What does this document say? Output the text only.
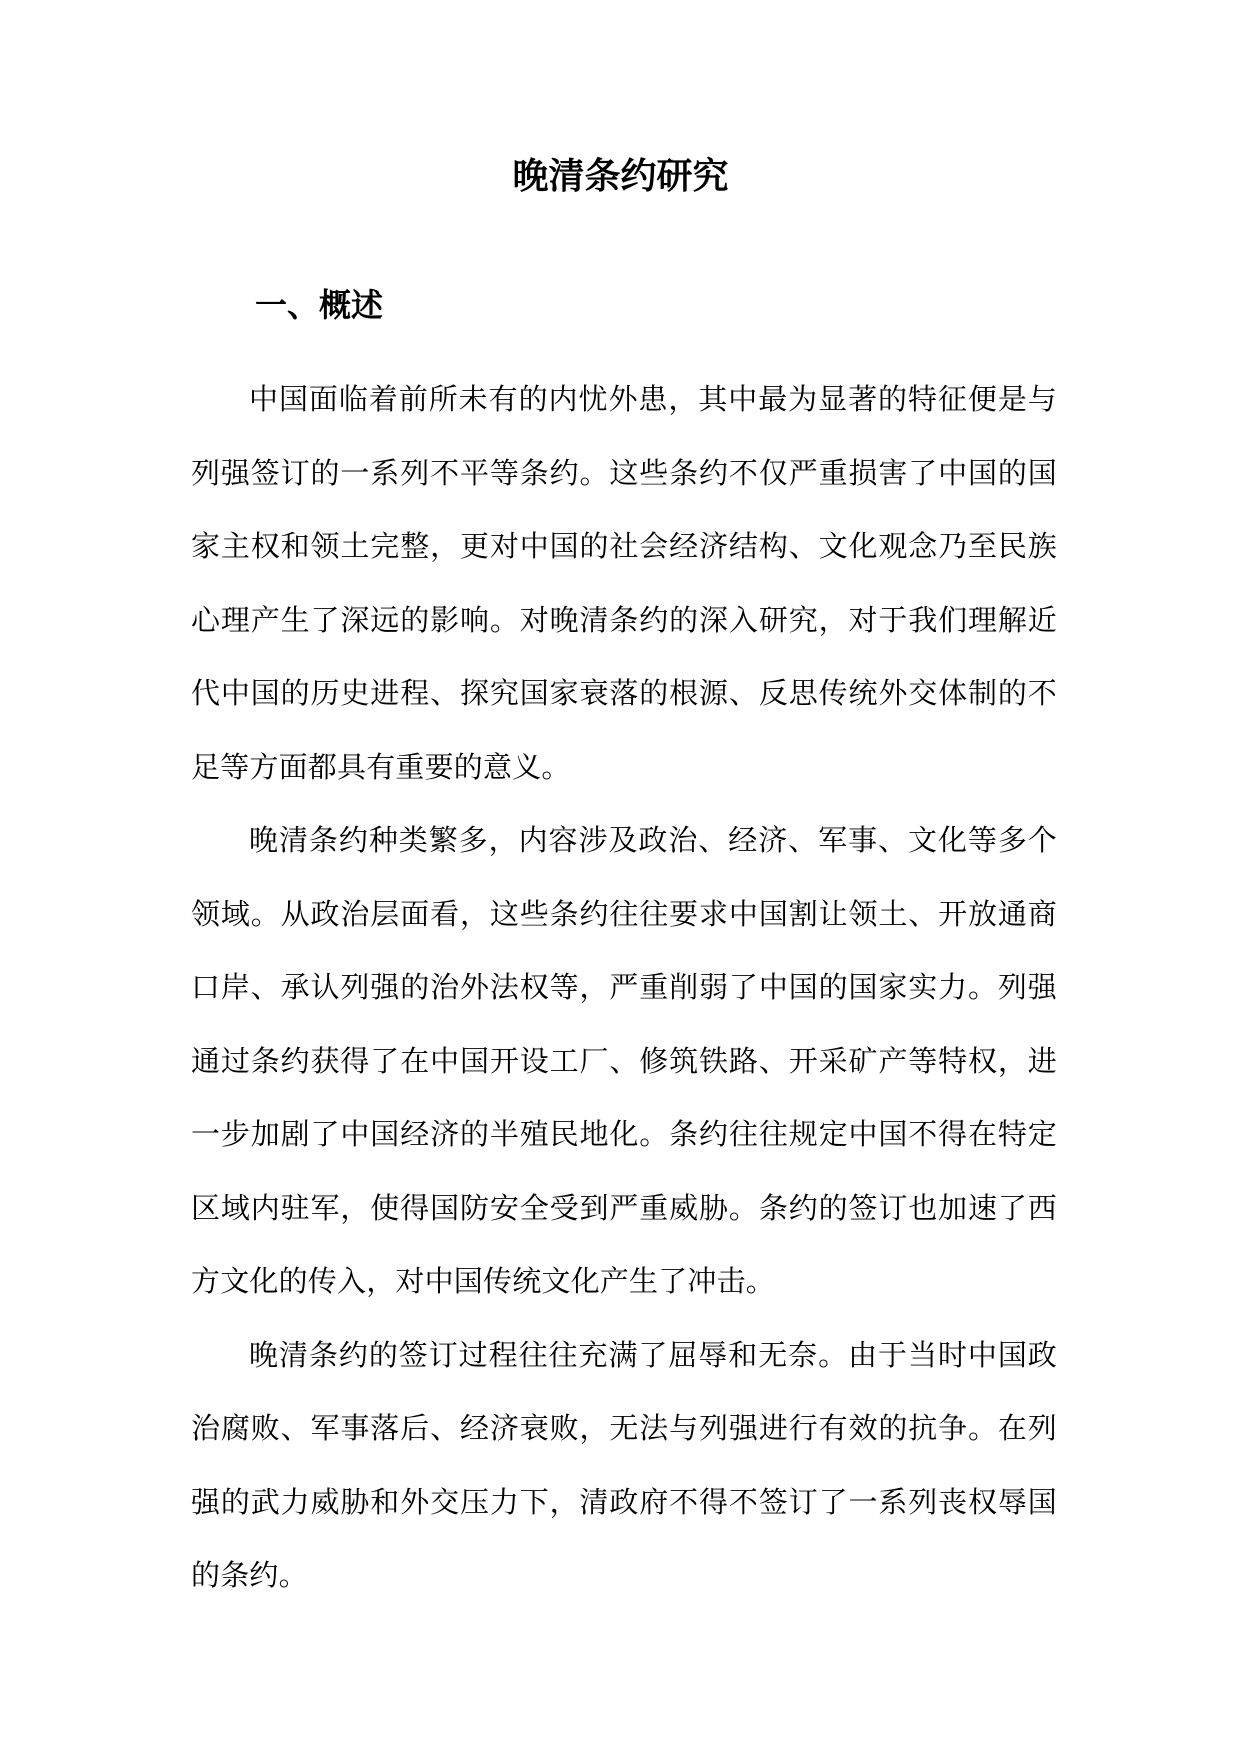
晚清条约研究
一、概述

中国面临着前所未有的内忧外患，其中最为显著的特征便是与列强签订的一系列不平等条约。这些条约不仅严重损害了中国的国家主权和领土完整，更对中国的社会经济结构、文化观念乃至民族心理产生了深远的影响。对晚清条约的深入研究，对于我们理解近代中国的历史进程、探究国家衰落的根源、反思传统外交体制的不足等方面都具有重要的意义。

晚清条约种类繁多，内容涉及政治、经济、军事、文化等多个领域。从政治层面看，这些条约往往要求中国割让领土、开放通商口岸、承认列强的治外法权等，严重削弱了中国的国家实力。列强通过条约获得了在中国开设工厂、修筑铁路、开采矿产等特权，进一步加剧了中国经济的半殖民地化。条约往往规定中国不得在特定区域内驻军，使得国防安全受到严重威胁。条约的签订也加速了西方文化的传入，对中国传统文化产生了冲击。

晚清条约的签订过程往往充满了屈辱和无奈。由于当时中国政治腐败、军事落后、经济衰败，无法与列强进行有效的抗争。在列强的武力威胁和外交压力下，清政府不得不签订了一系列丧权辱国的条约。
